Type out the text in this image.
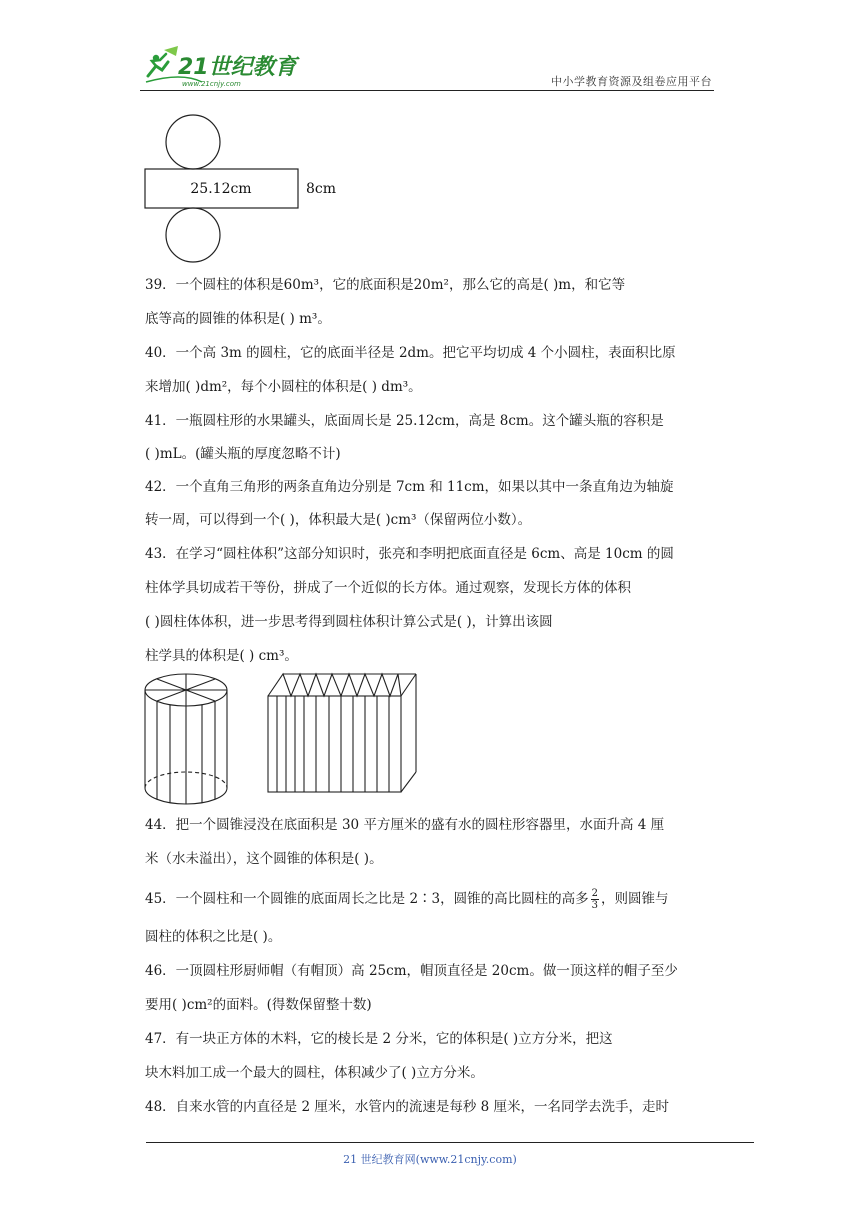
21世纪教育
www.21cnjy.com	中小学教育资源及组卷应用平台
25.12cm	8cm
39．一个圆柱的体积是60m³，它的底面积是20m²，那么它的高是( )m，和它等
底等高的圆锥的体积是( ) m³。
40．一个高 3m 的圆柱，它的底面半径是 2dm。把它平均切成 4 个小圆柱，表面积比原
来增加( )dm²，每个小圆柱的体积是( ) dm³。
41．一瓶圆柱形的水果罐头，底面周长是 25.12cm，高是 8cm。这个罐头瓶的容积是
( )mL。(罐头瓶的厚度忽略不计)
42．一个直角三角形的两条直角边分别是 7cm 和 11cm，如果以其中一条直角边为轴旋
转一周，可以得到一个( )，体积最大是( )cm³（保留两位小数）。
43．在学习“圆柱体积”这部分知识时，张亮和李明把底面直径是 6cm、高是 10cm 的圆
柱体学具切成若干等份，拼成了一个近似的长方体。通过观察，发现长方体的体积
( )圆柱体体积，进一步思考得到圆柱体积计算公式是( )，计算出该圆
柱学具的体积是( ) cm³。
44．把一个圆锥浸没在底面积是 30 平方厘米的盛有水的圆柱形容器里，水面升高 4 厘
米（水未溢出），这个圆锥的体积是( )。
45．一个圆柱和一个圆锥的底面周长之比是 2∶3，圆锥的高比圆柱的高多 $\frac{2}{3}$ ，则圆锥与
圆柱的体积之比是( )。
46．一顶圆柱形厨师帽（有帽顶）高 25cm，帽顶直径是 20cm。做一顶这样的帽子至少
要用( )cm²的面料。(得数保留整十数)
47．有一块正方体的木料，它的棱长是 2 分米，它的体积是( )立方分米，把这
块木料加工成一个最大的圆柱，体积减少了( )立方分米。
48．自来水管的内直径是 2 厘米，水管内的流速是每秒 8 厘米，一名同学去洗手，走时
21 世纪教育网(www.21cnjy.com)
